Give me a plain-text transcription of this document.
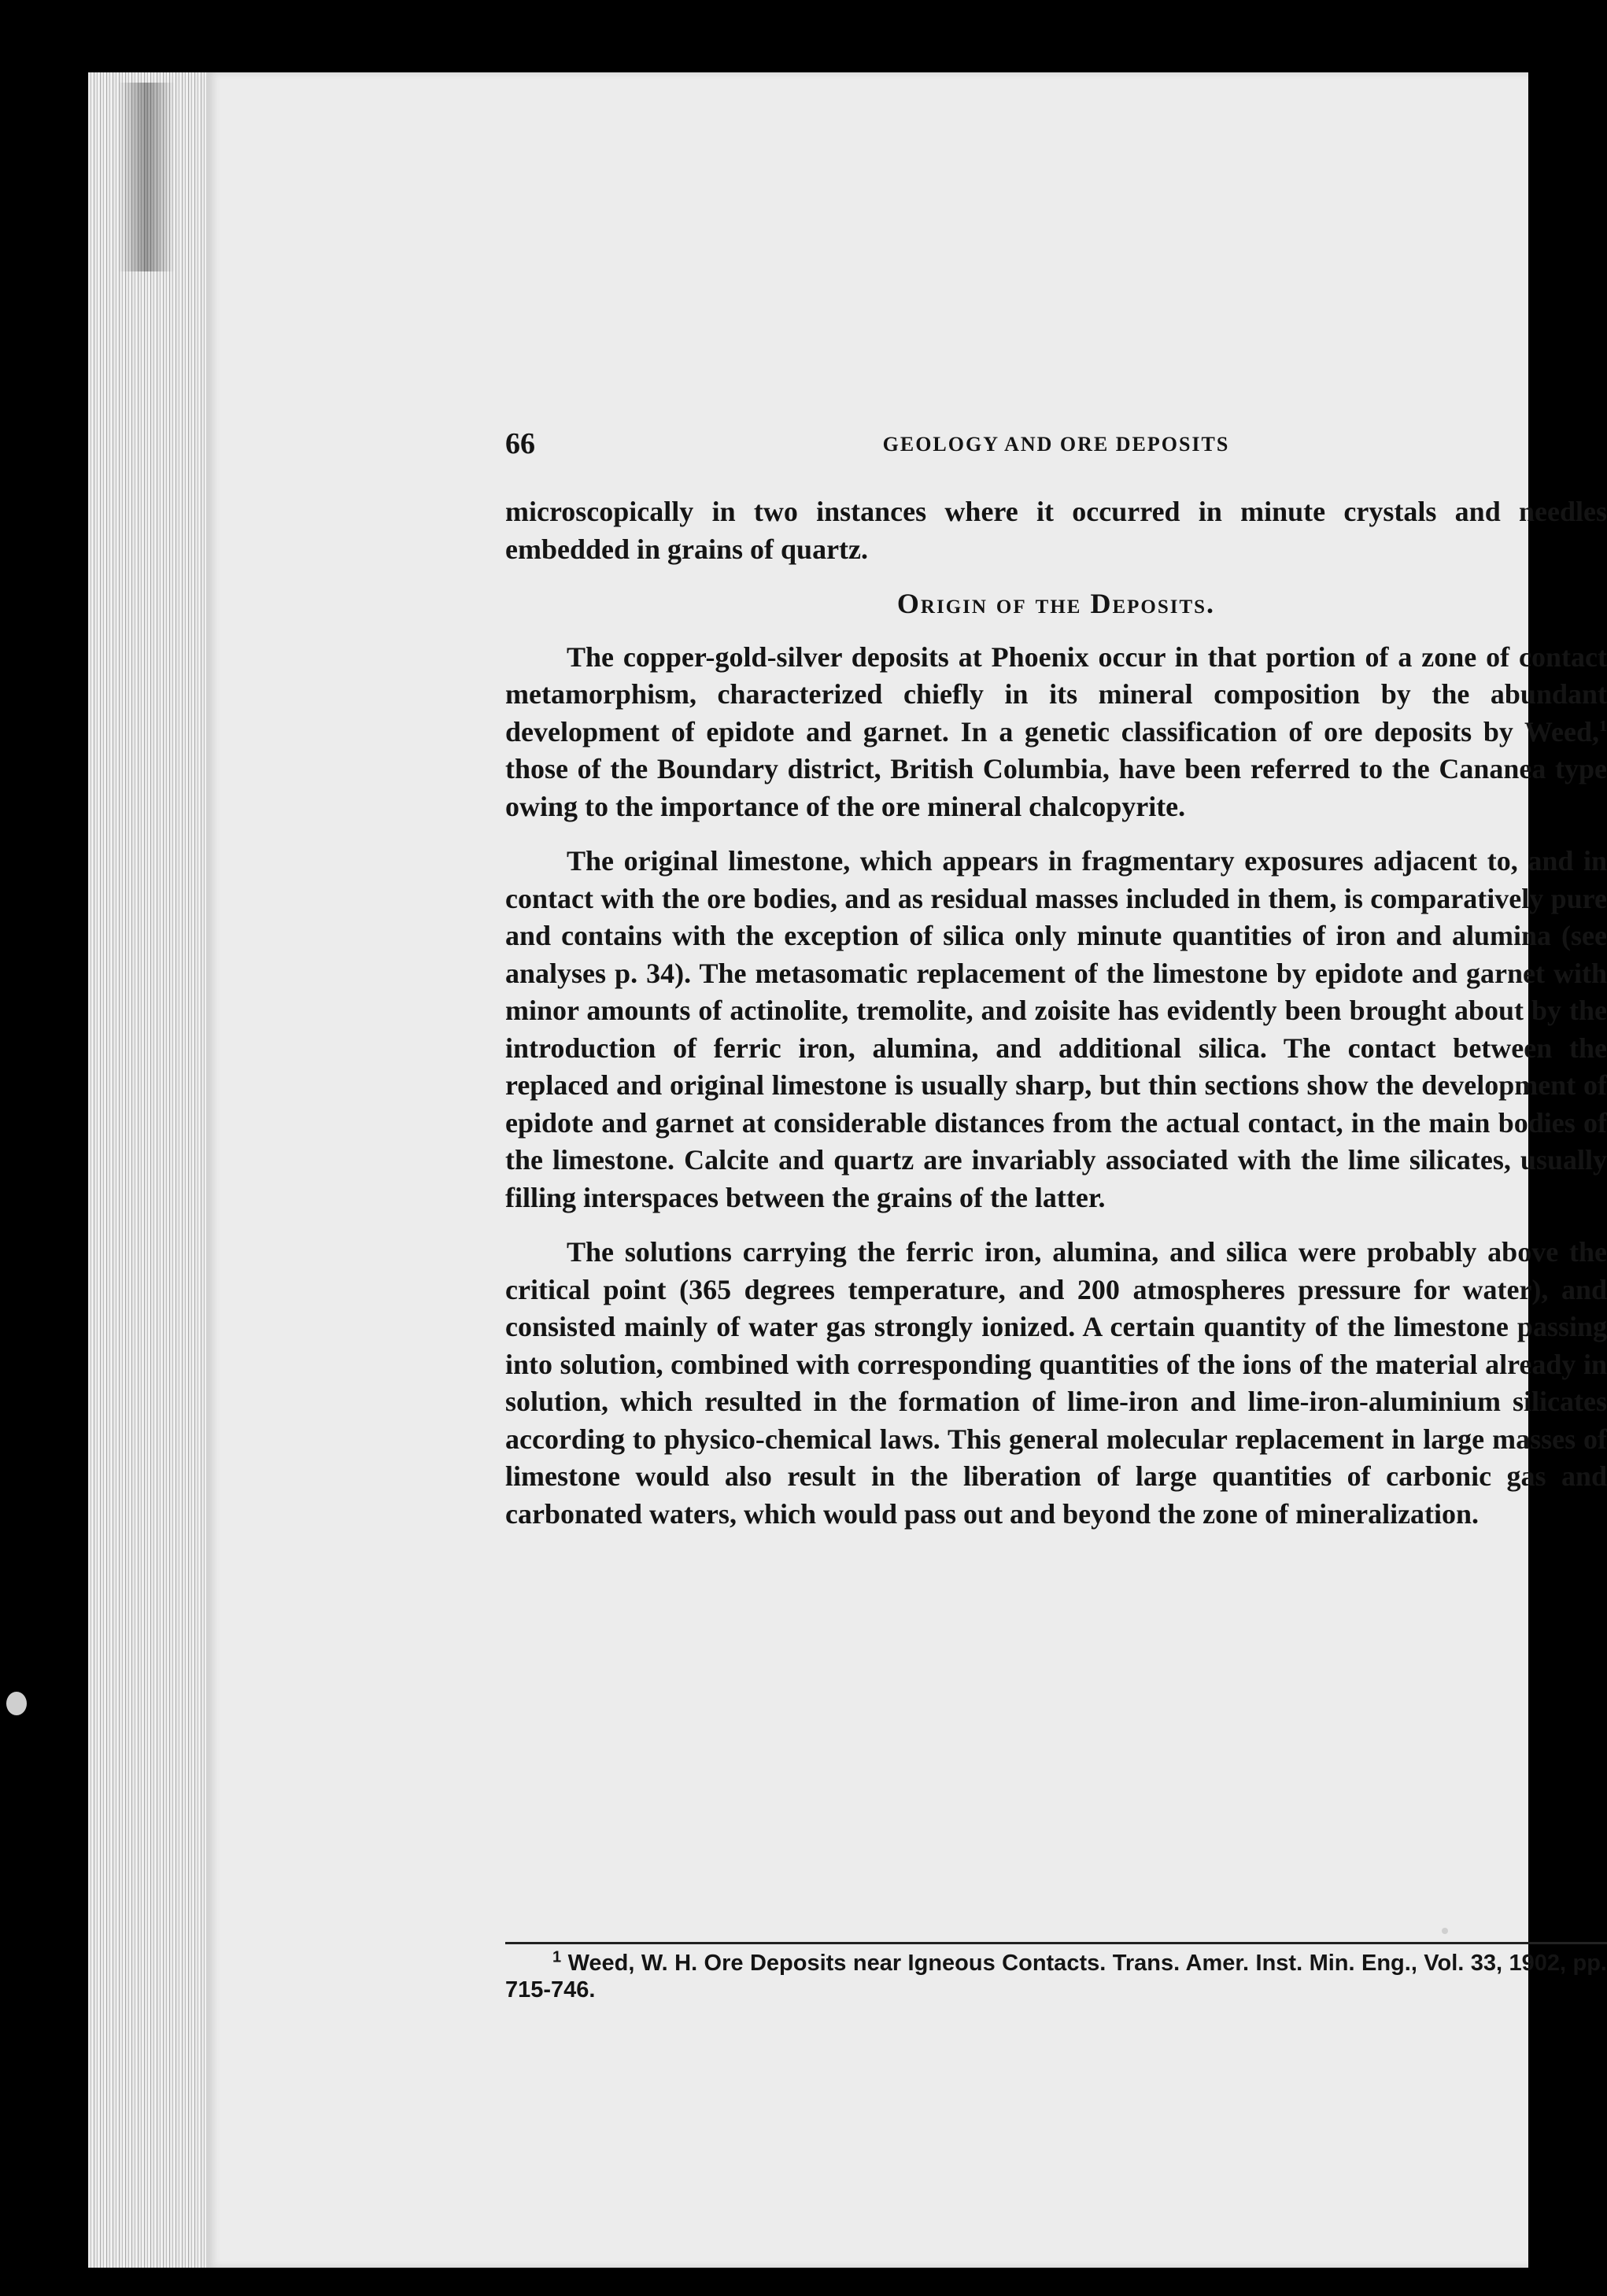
66	GEOLOGY AND ORE DEPOSITS

microscopically in two instances where it occurred in minute crystals and needles embedded in grains of quartz.

Origin of the Deposits.

The copper-gold-silver deposits at Phoenix occur in that portion of a zone of contact metamorphism, characterized chiefly in its mineral composition by the abundant development of epidote and garnet. In a genetic classification of ore deposits by Weed,$^1$ those of the Boundary district, British Columbia, have been referred to the Cananea type owing to the importance of the ore mineral chalcopyrite.

The original limestone, which appears in fragmentary exposures adjacent to, and in contact with the ore bodies, and as residual masses included in them, is comparatively pure and contains with the exception of silica only minute quantities of iron and alumina (see analyses p. 34). The metasomatic replacement of the limestone by epidote and garnet with minor amounts of actinolite, tremolite, and zoisite has evidently been brought about by the introduction of ferric iron, alumina, and additional silica. The contact between the replaced and original limestone is usually sharp, but thin sections show the development of epidote and garnet at considerable distances from the actual contact, in the main bodies of the limestone. Calcite and quartz are invariably associated with the lime silicates, usually filling interspaces between the grains of the latter.

The solutions carrying the ferric iron, alumina, and silica were probably above the critical point (365 degrees temperature, and 200 atmospheres pressure for water), and consisted mainly of water gas strongly ionized. A certain quantity of the limestone passing into solution, combined with corresponding quantities of the ions of the material already in solution, which resulted in the formation of lime-iron and lime-iron-aluminium silicates according to physico-chemical laws. This general molecular replacement in large masses of limestone would also result in the liberation of large quantities of carbonic gas and carbonated waters, which would pass out and beyond the zone of mineralization.

$^1$ Weed, W. H. Ore Deposits near Igneous Contacts. Trans. Amer. Inst. Min. Eng., Vol. 33, 1902, pp. 715-746.
